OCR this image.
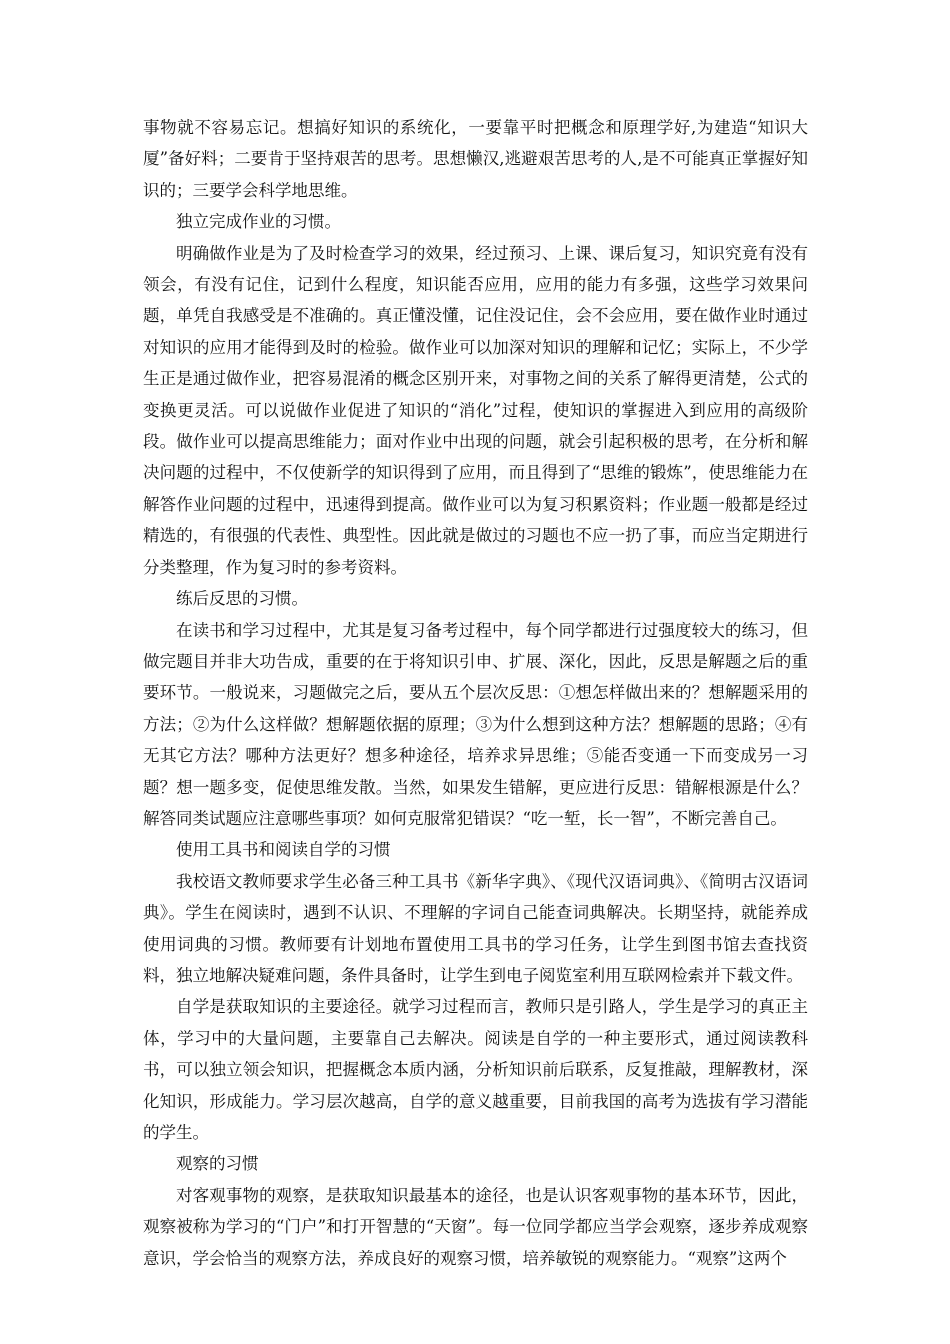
事物就不容易忘记。想搞好知识的系统化，一要靠平时把概念和原理学好,为建造“知识大厦”备好料；二要肯于坚持艰苦的思考。思想懒汉,逃避艰苦思考的人,是不可能真正掌握好知识的；三要学会科学地思维。

独立完成作业的习惯。

明确做作业是为了及时检查学习的效果，经过预习、上课、课后复习，知识究竟有没有领会，有没有记住，记到什么程度，知识能否应用，应用的能力有多强，这些学习效果问题，单凭自我感受是不准确的。真正懂没懂，记住没记住，会不会应用，要在做作业时通过对知识的应用才能得到及时的检验。做作业可以加深对知识的理解和记忆；实际上，不少学生正是通过做作业，把容易混淆的概念区别开来，对事物之间的关系了解得更清楚，公式的变换更灵活。可以说做作业促进了知识的“消化”过程，使知识的掌握进入到应用的高级阶段。做作业可以提高思维能力；面对作业中出现的问题，就会引起积极的思考，在分析和解决问题的过程中，不仅使新学的知识得到了应用，而且得到了“思维的锻炼”，使思维能力在解答作业问题的过程中，迅速得到提高。做作业可以为复习积累资料；作业题一般都是经过精选的，有很强的代表性、典型性。因此就是做过的习题也不应一扔了事，而应当定期进行分类整理，作为复习时的参考资料。

练后反思的习惯。

在读书和学习过程中，尤其是复习备考过程中，每个同学都进行过强度较大的练习，但做完题目并非大功告成，重要的在于将知识引申、扩展、深化，因此，反思是解题之后的重要环节。一般说来，习题做完之后，要从五个层次反思：①想怎样做出来的？想解题采用的方法；②为什么这样做？想解题依据的原理；③为什么想到这种方法？想解题的思路；④有无其它方法？哪种方法更好？想多种途径，培养求异思维；⑤能否变通一下而变成另一习题？想一题多变，促使思维发散。当然，如果发生错解，更应进行反思：错解根源是什么？解答同类试题应注意哪些事项？如何克服常犯错误？“吃一堑，长一智”，不断完善自己。

使用工具书和阅读自学的习惯

我校语文教师要求学生必备三种工具书《新华字典》、《现代汉语词典》、《简明古汉语词典》。学生在阅读时，遇到不认识、不理解的字词自己能查词典解决。长期坚持，就能养成使用词典的习惯。教师要有计划地布置使用工具书的学习任务，让学生到图书馆去查找资料，独立地解决疑难问题，条件具备时，让学生到电子阅览室利用互联网检索并下载文件。

自学是获取知识的主要途径。就学习过程而言，教师只是引路人，学生是学习的真正主体，学习中的大量问题，主要靠自己去解决。阅读是自学的一种主要形式，通过阅读教科书，可以独立领会知识，把握概念本质内涵，分析知识前后联系，反复推敲，理解教材，深化知识，形成能力。学习层次越高，自学的意义越重要，目前我国的高考为选拔有学习潜能的学生。

观察的习惯

对客观事物的观察，是获取知识最基本的途径，也是认识客观事物的基本环节，因此，观察被称为学习的“门户”和打开智慧的“天窗”。每一位同学都应当学会观察，逐步养成观察意识，学会恰当的观察方法，养成良好的观察习惯，培养敏锐的观察能力。“观察”这两个
